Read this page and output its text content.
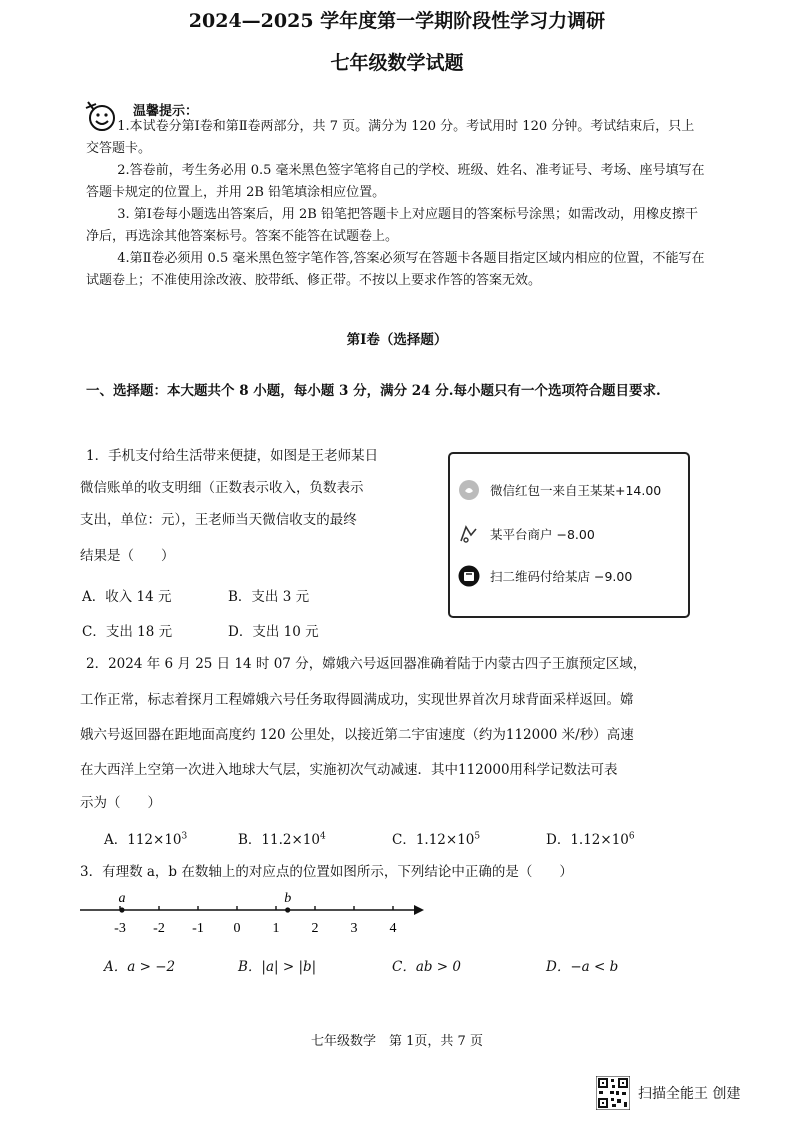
2024—2025 学年度第一学期阶段性学习力调研
七年级数学试题
温馨提示：
1.本试卷分第Ⅰ卷和第Ⅱ卷两部分，共 7 页。满分为 120 分。考试用时 120 分钟。考试结束后，只上交答题卡。
2.答卷前，考生务必用 0.5 毫米黑色签字笔将自己的学校、班级、姓名、准考证号、考场、座号填写在答题卡规定的位置上，并用 2B 铅笔填涂相应位置。
3. 第Ⅰ卷每小题选出答案后，用 2B 铅笔把答题卡上对应题目的答案标号涂黑；如需改动，用橡皮擦干净后，再选涂其他答案标号。答案不能答在试题卷上。
4.第Ⅱ卷必须用 0.5 毫米黑色签字笔作答,答案必须写在答题卡各题目指定区域内相应的位置，不能写在试题卷上；不准使用涂改液、胶带纸、修正带。不按以上要求作答的答案无效。
第Ⅰ卷（选择题）
一、选择题：本大题共个 8 小题，每小题 3 分，满分 24 分.每小题只有一个选项符合题目要求.
1．手机支付给生活带来便捷，如图是王老师某日
微信账单的收支明细（正数表示收入，负数表示
支出，单位：元），王老师当天微信收支的最终
结果是（　　）
A．收入 14 元	B．支出 3 元
C．支出 18 元	D．支出 10 元
微信红包一来自王某某+14.00
某平台商户 −8.00
扫二维码付给某店 −9.00
2．2024 年 6 月 25 日 14 时 07 分，嫦娥六号返回器准确着陆于内蒙古四子王旗预定区域，
工作正常，标志着探月工程嫦娥六号任务取得圆满成功，实现世界首次月球背面采样返回。嫦
娥六号返回器在距地面高度约 120 公里处，以接近第二宇宙速度（约为112000 米/秒）高速
在大西洋上空第一次进入地球大气层，实施初次气动减速．其中112000用科学记数法可表
示为（　　）
A．$112\times 10^3$	B．$11.2\times 10^4$	C．$1.12\times 10^5$	D．$1.12\times 10^6$
3．有理数 a，b 在数轴上的对应点的位置如图所示，下列结论中正确的是（　　）
-3 -2 -1 0 1 2 3 4
a	b
A．a > −2	B．|a| > |b|	C．ab > 0	D．−a < b
七年级数学　第 1页，共 7 页
扫描全能王 创建
